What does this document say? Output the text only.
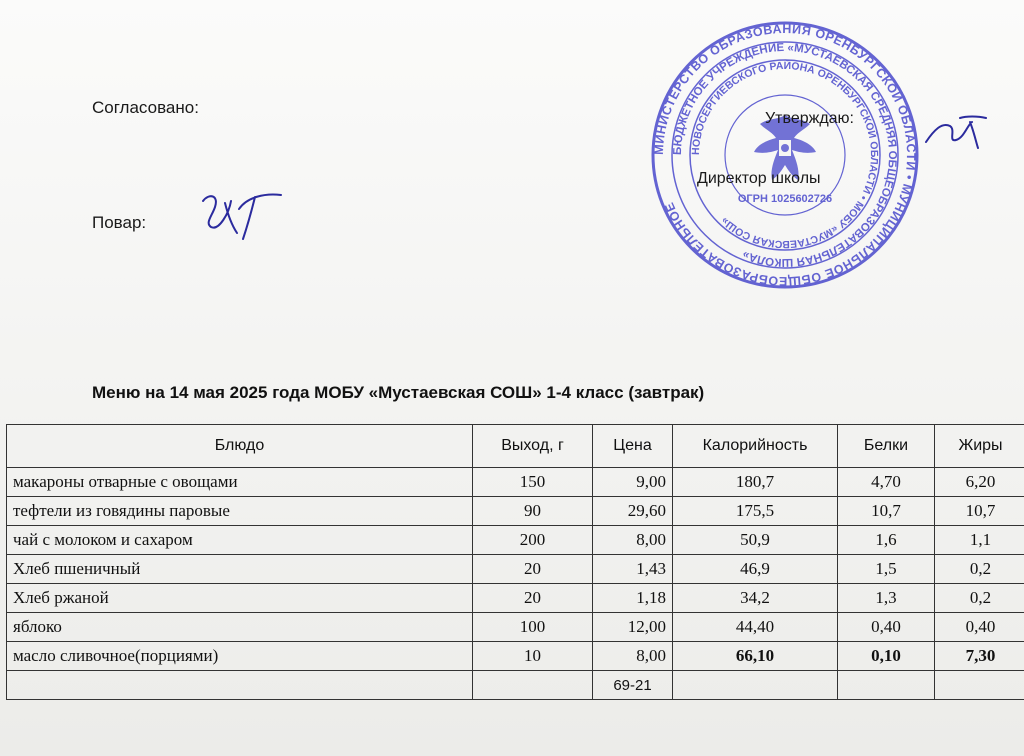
Согласовано:
Повар:
МИНИСТЕРСТВО ОБРАЗОВАНИЯ ОРЕНБУРГСКОЙ ОБЛАСТИ • МУНИЦИПАЛЬНОЕ ОБЩЕОБРАЗОВАТЕЛЬНОЕ
БЮДЖЕТНОЕ УЧРЕЖДЕНИЕ «МУСТАЕВСКАЯ СРЕДНЯЯ ОБЩЕОБРАЗОВАТЕЛЬНАЯ ШКОЛА»
НОВОСЕРГИЕВСКОГО РАЙОНА ОРЕНБУРГСКОЙ ОБЛАСТИ • МОБУ «МУСТАЕВСКАЯ СОШ»
ОГРН 1025602726
Утверждаю:
Директор школы
Меню на 14 мая 2025 года МОБУ «Мустаевская СОШ» 1-4 класс (завтрак)
Блюдо	Выход, г	Цена	Калорийность	Белки	Жиры
макароны отварные с овощами	150	9,00	180,7	4,70	6,20
тефтели из говядины паровые	90	29,60	175,5	10,7	10,7
чай с молоком и сахаром	200	8,00	50,9	1,6	1,1
Хлеб пшеничный	20	1,43	46,9	1,5	0,2
Хлеб ржаной	20	1,18	34,2	1,3	0,2
яблоко	100	12,00	44,40	0,40	0,40
масло сливочное(порциями)	10	8,00	66,10	0,10	7,30
		69-21			
